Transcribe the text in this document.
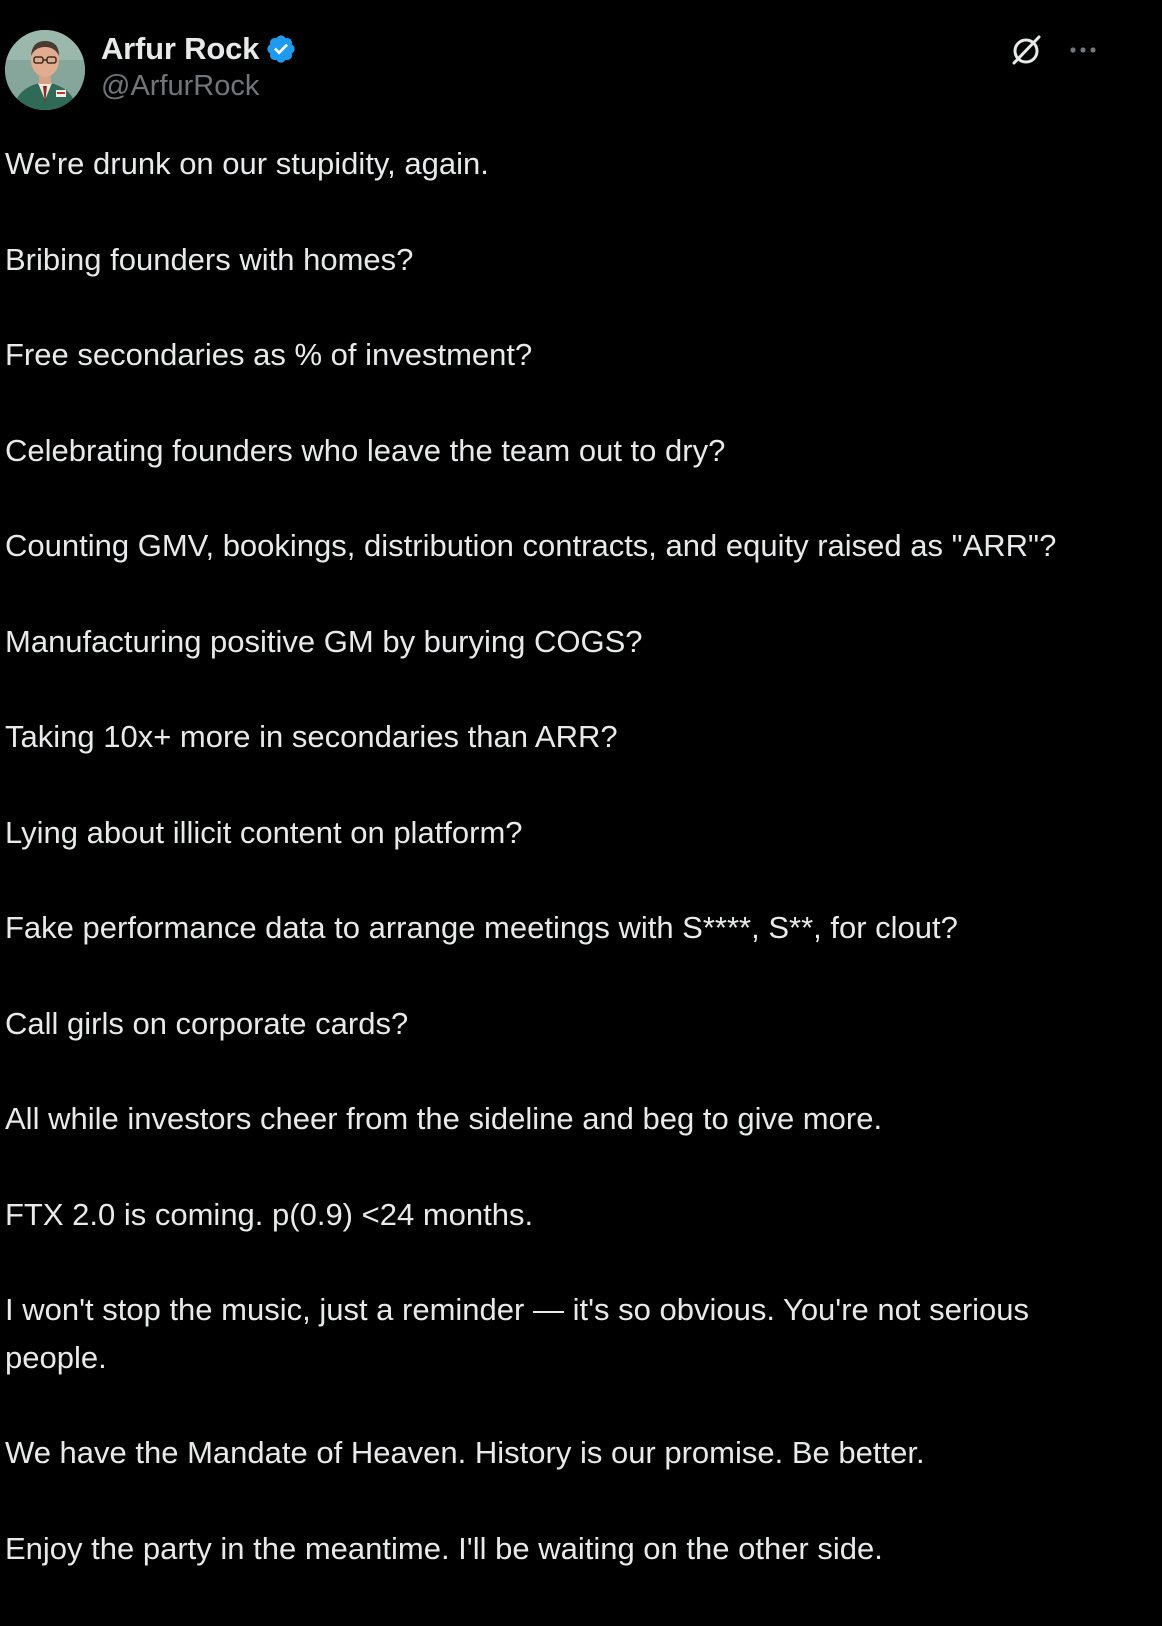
Arfur Rock
@ArfurRock

We're drunk on our stupidity, again.

Bribing founders with homes?

Free secondaries as % of investment?

Celebrating founders who leave the team out to dry?

Counting GMV, bookings, distribution contracts, and equity raised as "ARR"?

Manufacturing positive GM by burying COGS?

Taking 10x+ more in secondaries than ARR?

Lying about illicit content on platform?

Fake performance data to arrange meetings with S****, S**, for clout?

Call girls on corporate cards?

All while investors cheer from the sideline and beg to give more.

FTX 2.0 is coming. p(0.9) <24 months.

I won't stop the music, just a reminder — it's so obvious. You're not serious people.

We have the Mandate of Heaven. History is our promise. Be better.

Enjoy the party in the meantime. I'll be waiting on the other side.
